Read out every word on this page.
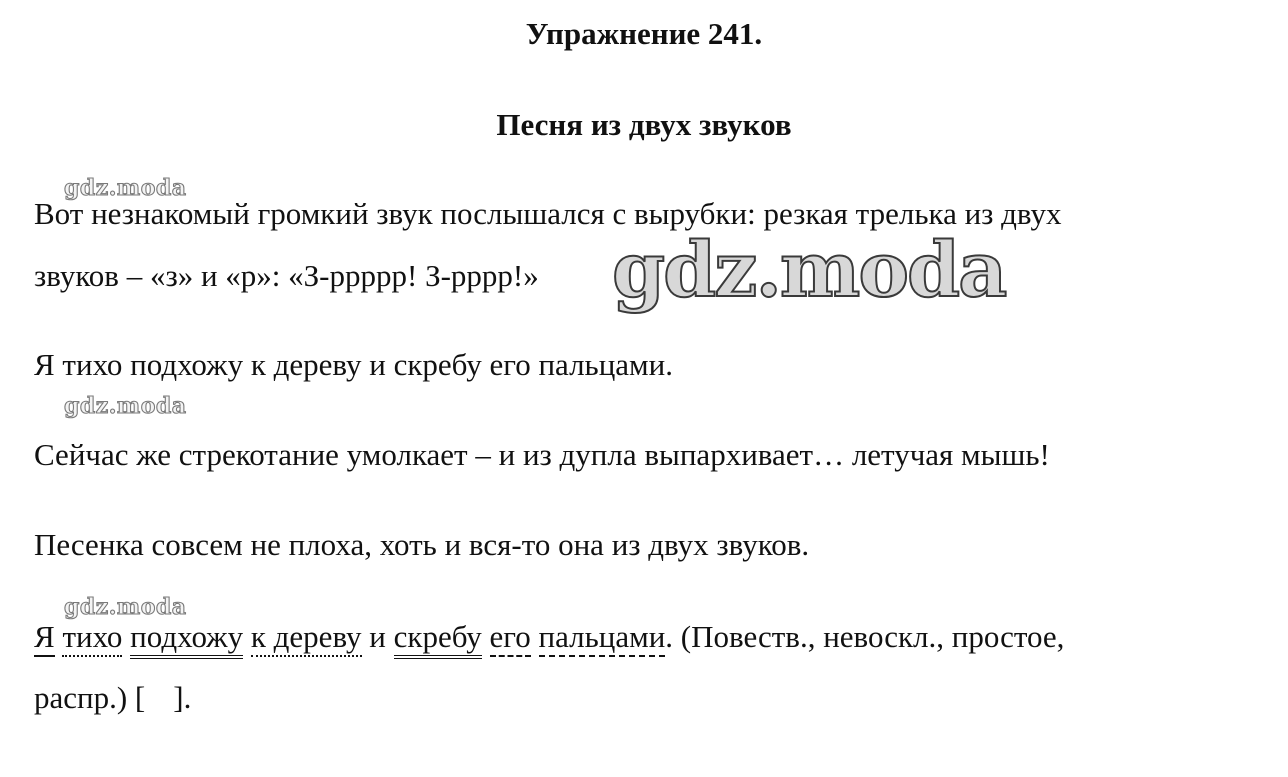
Упражнение 241.
Песня из двух звуков
gdz.moda
Вот незнакомый громкий звук послышался с вырубки: резкая трелька из двух
звуков – «з» и «р»: «З-ррррр! З-рррр!» gdz.moda
Я тихо подхожу к дереву и скребу его пальцами.
gdz.moda
Сейчас же стрекотание умолкает – и из дупла выпархивает… летучая мышь!
Песенка совсем не плоха, хоть и вся-то она из двух звуков.
gdz.moda
Я тихо подхожу к дереву и скребу его пальцами. (Повеств., невоскл., простое,
распр.) [ ].
